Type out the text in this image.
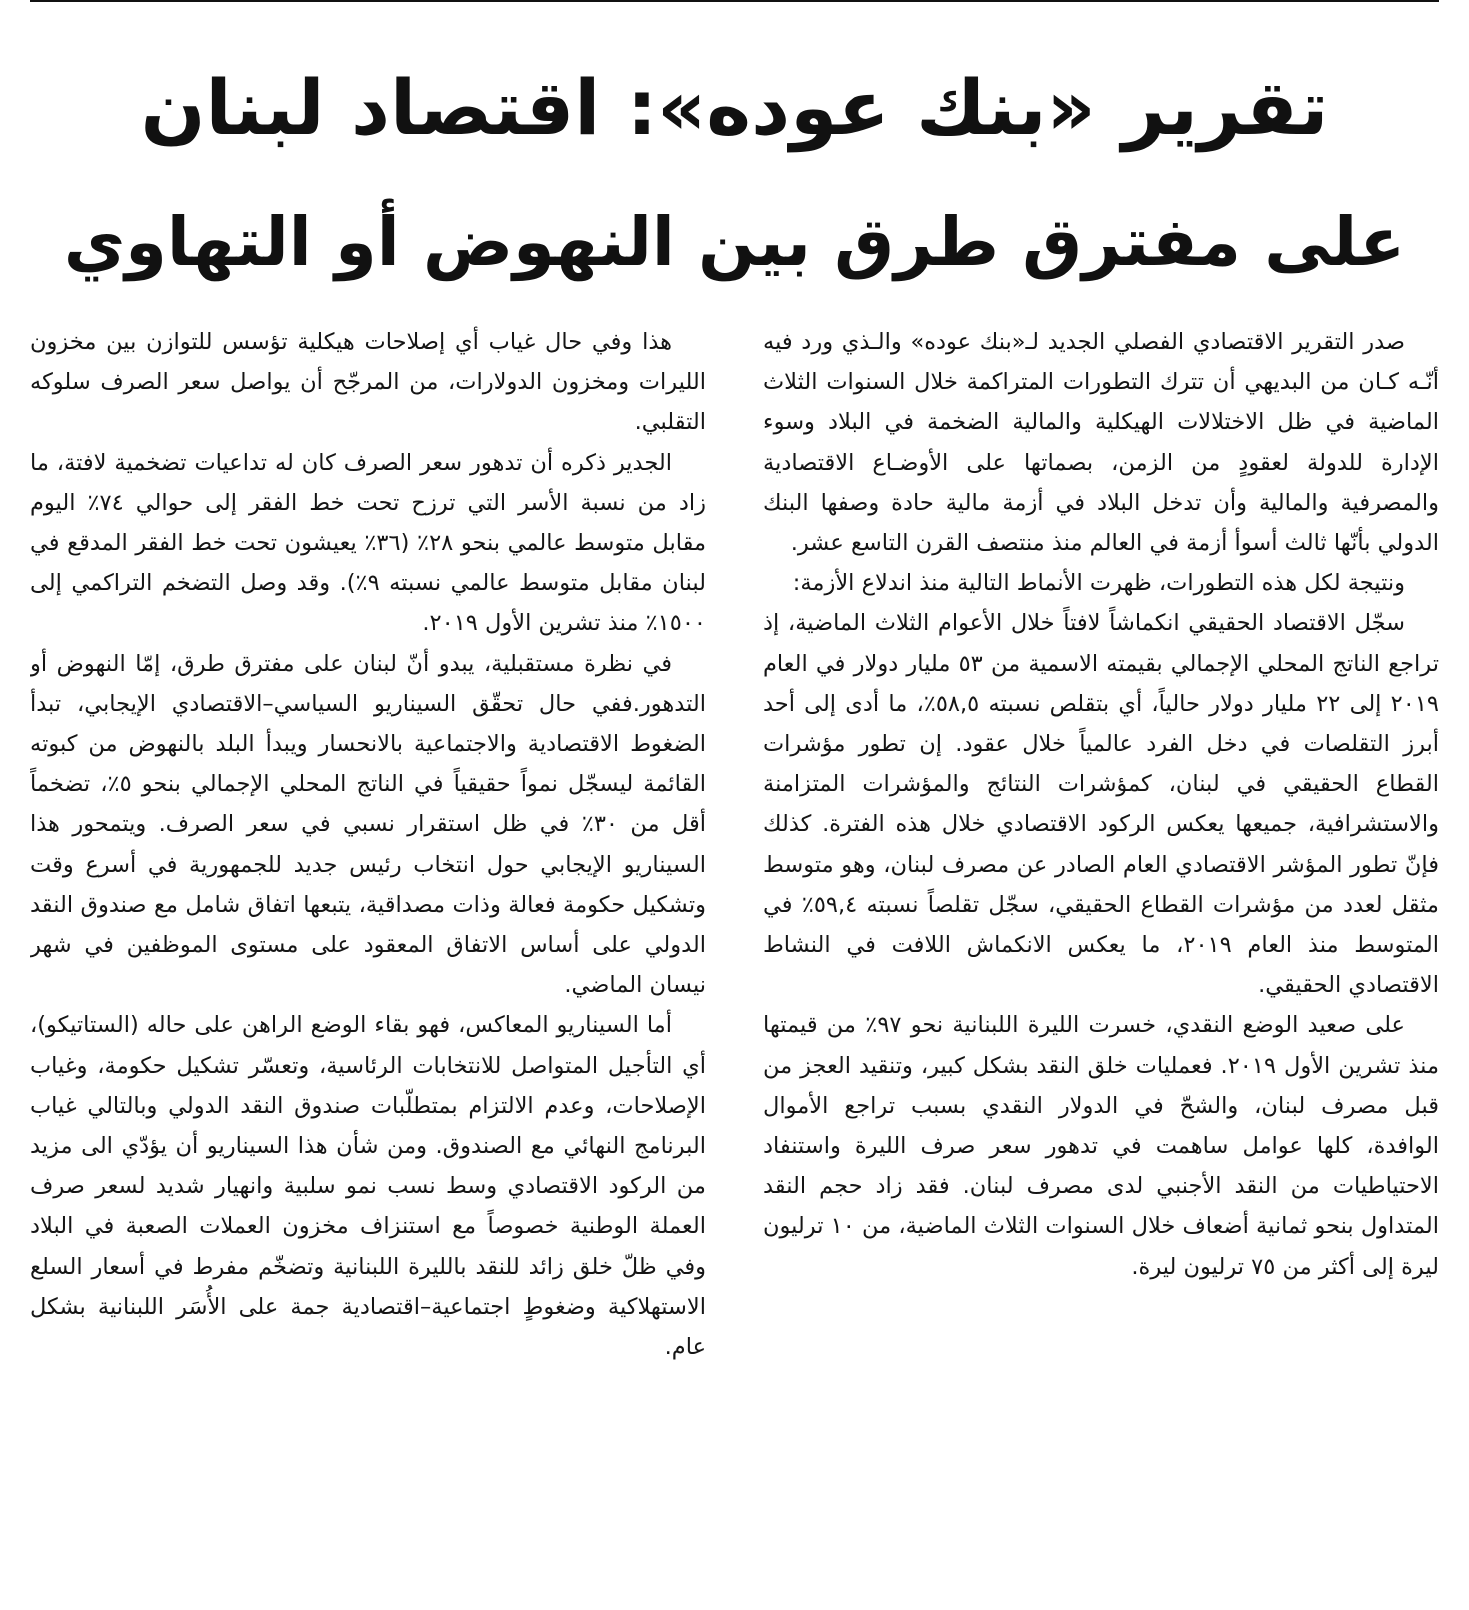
تقرير «بنك عوده»: اقتصاد لبنان
على مفترق طرق بين النهوض أو التهاوي

صدر التقرير الاقتصادي الفصلي الجديد لـ«بنك عوده» والـذي ورد فيه أنّـه كـان من البديهي أن تترك التطورات المتراكمة خلال السنوات الثلاث الماضية في ظل الاختلالات الهيكلية والمالية الضخمة في البلاد وسوء الإدارة للدولة لعقودٍ من الزمن، بصماتها على الأوضـاع الاقتصادية والمصرفية والمالية وأن تدخل البلاد في أزمة مالية حادة وصفها البنك الدولي بأنّها ثالث أسوأ أزمة في العالم منذ منتصف القرن التاسع عشر.

ونتيجة لكل هذه التطورات، ظهرت الأنماط التالية منذ اندلاع الأزمة:

سجّل الاقتصاد الحقيقي انكماشاً لافتاً خلال الأعوام الثلاث الماضية، إذ تراجع الناتج المحلي الإجمالي بقيمته الاسمية من ٥٣ مليار دولار في العام ٢٠١٩ إلى ٢٢ مليار دولار حالياً، أي بتقلص نسبته ٥٨,٥٪، ما أدى إلى أحد أبرز التقلصات في دخل الفرد عالمياً خلال عقود. إن تطور مؤشرات القطاع الحقيقي في لبنان، كمؤشرات النتائج والمؤشرات المتزامنة والاستشرافية، جميعها يعكس الركود الاقتصادي خلال هذه الفترة. كذلك فإنّ تطور المؤشر الاقتصادي العام الصادر عن مصرف لبنان، وهو متوسط مثقل لعدد من مؤشرات القطاع الحقيقي، سجّل تقلصاً نسبته ٥٩,٤٪ في المتوسط منذ العام ٢٠١٩، ما يعكس الانكماش اللافت في النشاط الاقتصادي الحقيقي.

على صعيد الوضع النقدي، خسرت الليرة اللبنانية نحو ٩٧٪ من قيمتها منذ تشرين الأول ٢٠١٩. فعمليات خلق النقد بشكل كبير، وتنقيد العجز من قبل مصرف لبنان، والشحّ في الدولار النقدي بسبب تراجع الأموال الوافدة، كلها عوامل ساهمت في تدهور سعر صرف الليرة واستنفاد الاحتياطيات من النقد الأجنبي لدى مصرف لبنان. فقد زاد حجم النقد المتداول بنحو ثمانية أضعاف خلال السنوات الثلاث الماضية، من ١٠ ترليون ليرة إلى أكثر من ٧٥ ترليون ليرة.

هذا وفي حال غياب أي إصلاحات هيكلية تؤسس للتوازن بين مخزون الليرات ومخزون الدولارات، من المرجّح أن يواصل سعر الصرف سلوكه التقلبي.

الجدير ذكره أن تدهور سعر الصرف كان له تداعيات تضخمية لافتة، ما زاد من نسبة الأسر التي ترزح تحت خط الفقر إلى حوالي ٧٤٪ اليوم مقابل متوسط عالمي بنحو ٢٨٪ (٣٦٪ يعيشون تحت خط الفقر المدقع في لبنان مقابل متوسط عالمي نسبته ٩٪). وقد وصل التضخم التراكمي إلى ١٥٠٠٪ منذ تشرين الأول ٢٠١٩.

في نظرة مستقبلية، يبدو أنّ لبنان على مفترق طرق، إمّا النهوض أو التدهور.ففي حال تحقّق السيناريو السياسي–الاقتصادي الإيجابي، تبدأ الضغوط الاقتصادية والاجتماعية بالانحسار ويبدأ البلد بالنهوض من كبوته القائمة ليسجّل نمواً حقيقياً في الناتج المحلي الإجمالي بنحو ٥٪، تضخماً أقل من ٣٠٪ في ظل استقرار نسبي في سعر الصرف. ويتمحور هذا السيناريو الإيجابي حول انتخاب رئيس جديد للجمهورية في أسرع وقت وتشكيل حكومة فعالة وذات مصداقية، يتبعها اتفاق شامل مع صندوق النقد الدولي على أساس الاتفاق المعقود على مستوى الموظفين في شهر نيسان الماضي.

أما السيناريو المعاكس، فهو بقاء الوضع الراهن على حاله (الستاتيكو)، أي التأجيل المتواصل للانتخابات الرئاسية، وتعسّر تشكيل حكومة، وغياب الإصلاحات، وعدم الالتزام بمتطلّبات صندوق النقد الدولي وبالتالي غياب البرنامج النهائي مع الصندوق. ومن شأن هذا السيناريو أن يؤدّي الى مزيد من الركود الاقتصادي وسط نسب نمو سلبية وانهيار شديد لسعر صرف العملة الوطنية خصوصاً مع استنزاف مخزون العملات الصعبة في البلاد وفي ظلّ خلق زائد للنقد بالليرة اللبنانية وتضخّم مفرط في أسعار السلع الاستهلاكية وضغوطٍ اجتماعية–اقتصادية جمة على الأُسَر اللبنانية بشكل عام.
